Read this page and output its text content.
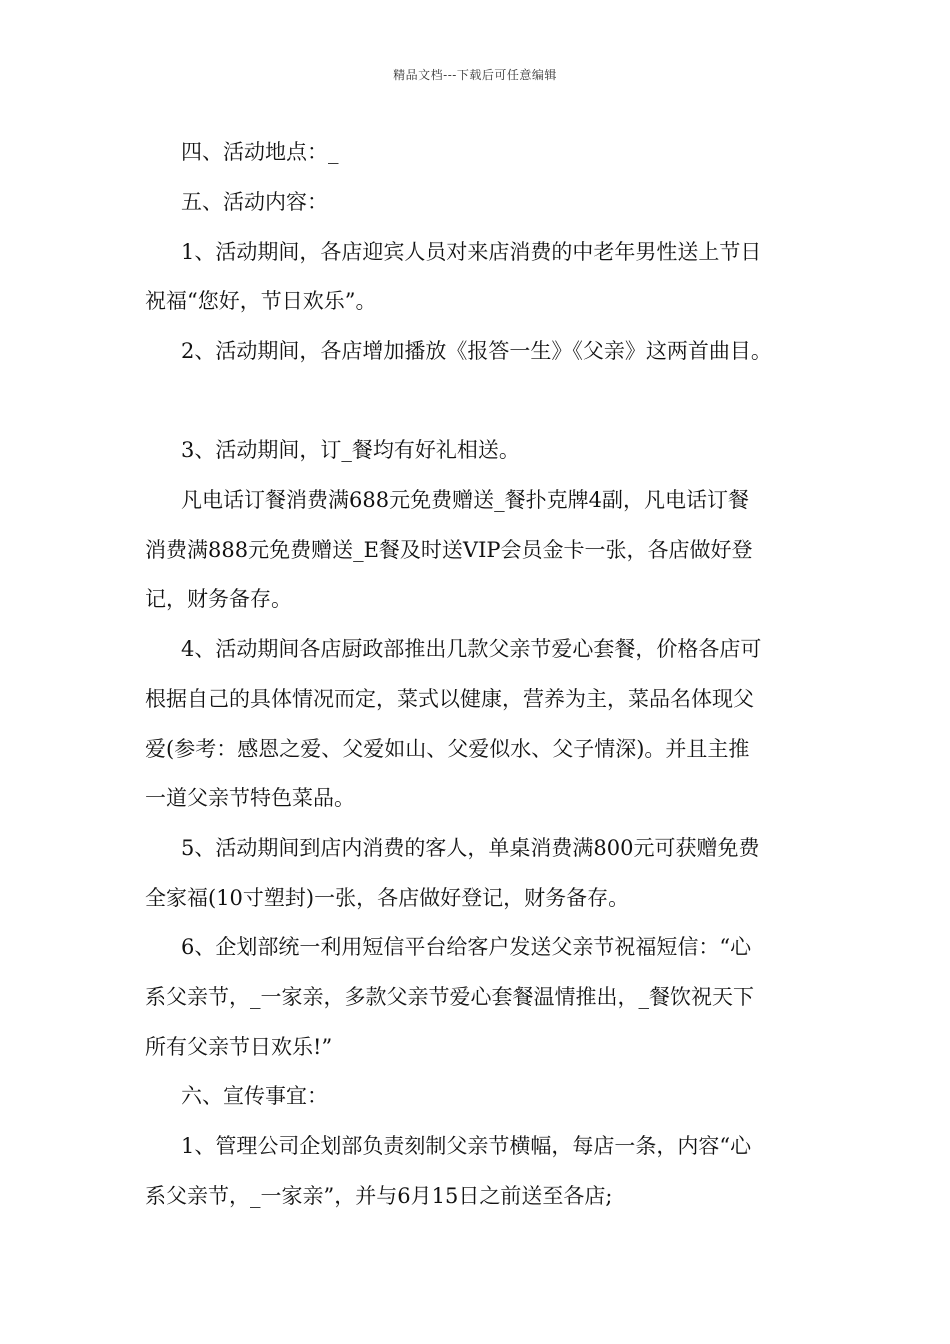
精品文档---下载后可任意编辑
四、活动地点：_
五、活动内容：
1、活动期间，各店迎宾人员对来店消费的中老年男性送上节日
祝福“您好，节日欢乐”。
2、活动期间，各店增加播放《报答一生》《父亲》这两首曲目。
3、活动期间，订_餐均有好礼相送。
凡电话订餐消费满688元免费赠送_餐扑克牌4副，凡电话订餐
消费满888元免费赠送_E餐及时送VIP会员金卡一张，各店做好登
记，财务备存。
4、活动期间各店厨政部推出几款父亲节爱心套餐，价格各店可
根据自己的具体情况而定，菜式以健康，营养为主，菜品名体现父
爱(参考：感恩之爱、父爱如山、父爱似水、父子情深)。并且主推
一道父亲节特色菜品。
5、活动期间到店内消费的客人，单桌消费满800元可获赠免费
全家福(10寸塑封)一张，各店做好登记，财务备存。
6、企划部统一利用短信平台给客户发送父亲节祝福短信：“心
系父亲节，_一家亲，多款父亲节爱心套餐温情推出，_餐饮祝天下
所有父亲节日欢乐!”
六、宣传事宜：
1、管理公司企划部负责刻制父亲节横幅，每店一条，内容“心
系父亲节，_一家亲”，并与6月15日之前送至各店;
